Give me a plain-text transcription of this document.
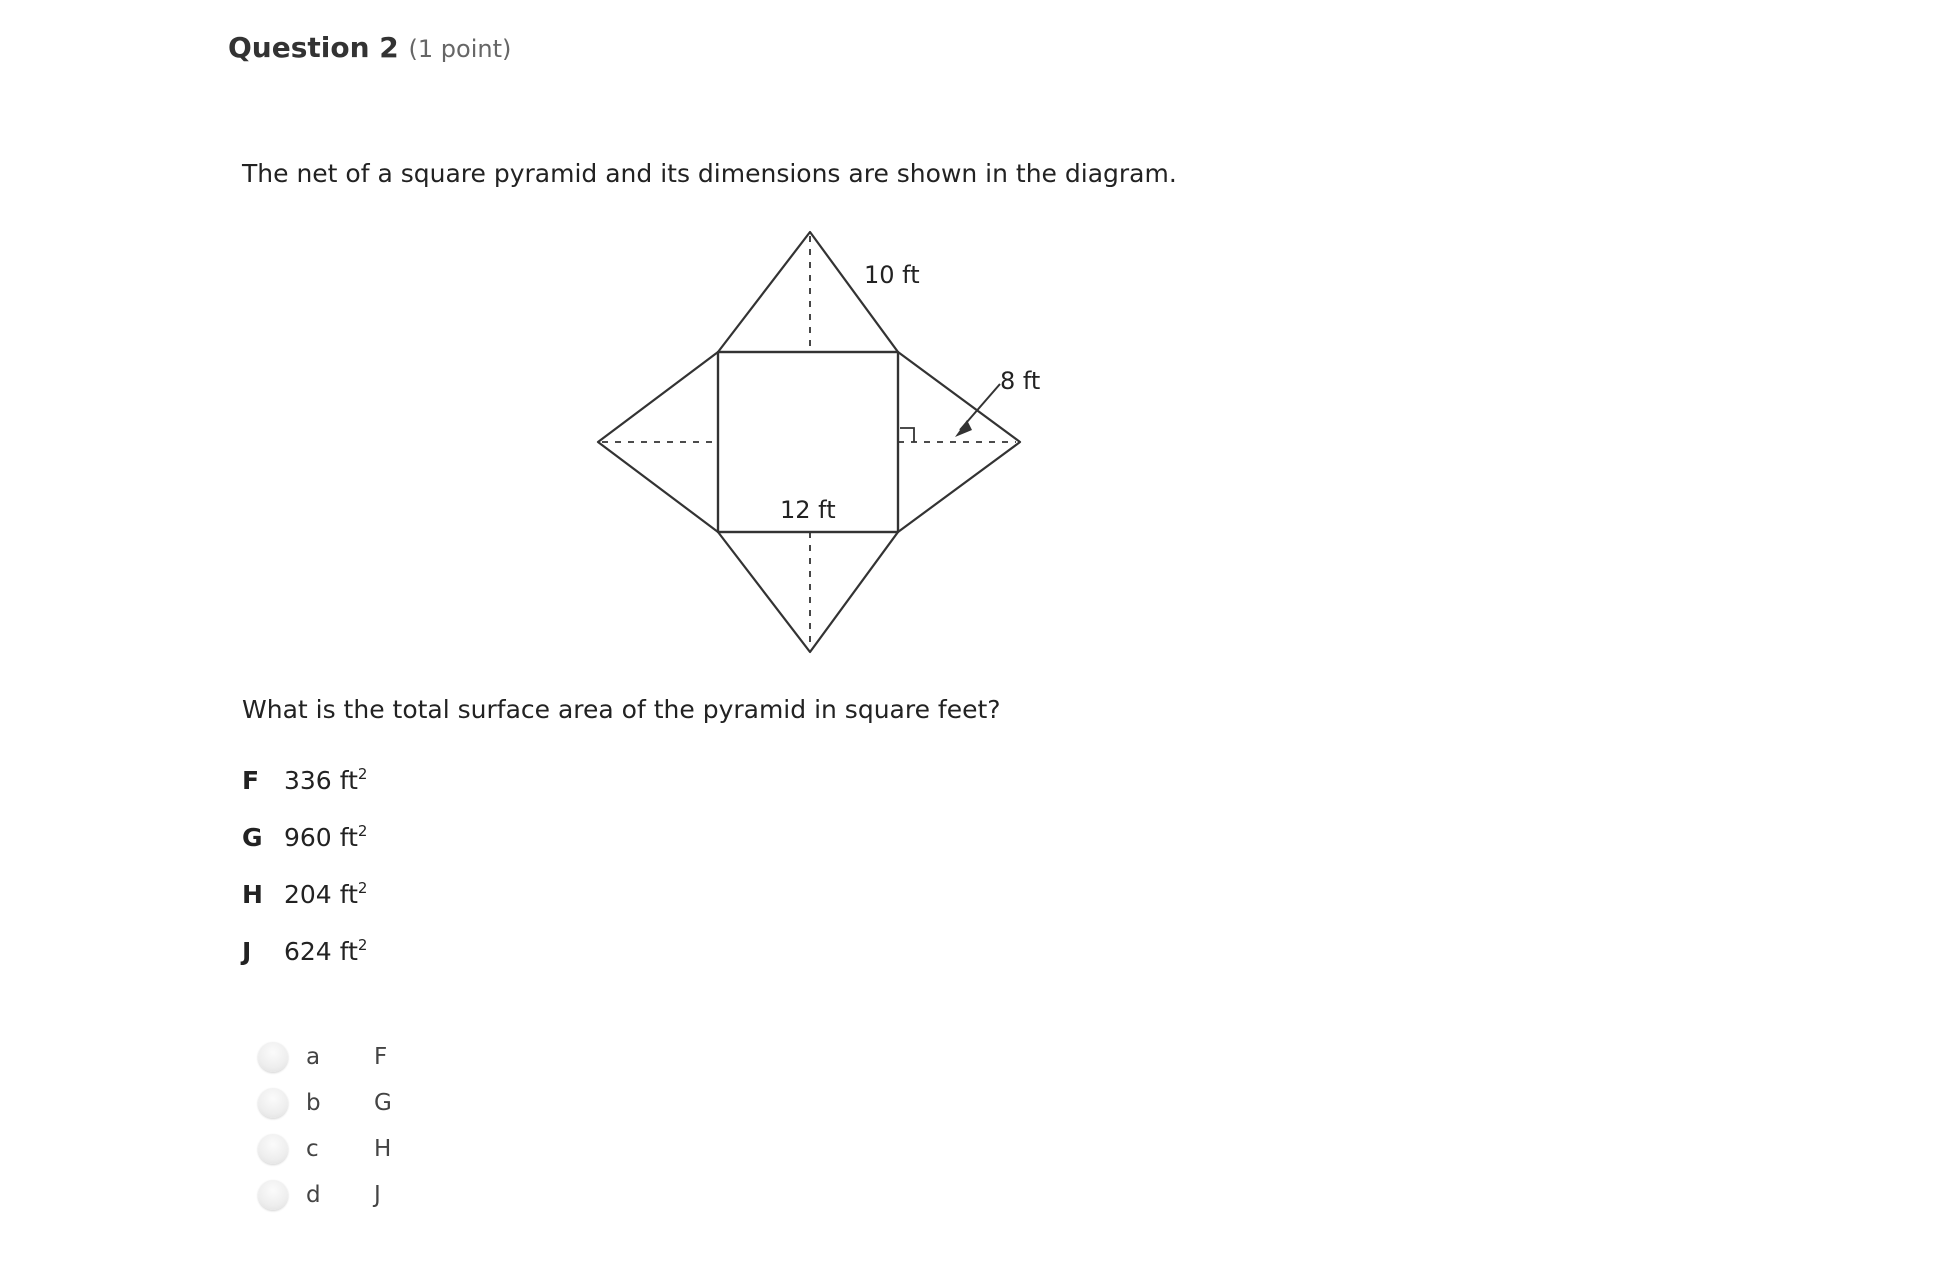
Question 2 (1 point)
The net of a square pyramid and its dimensions are shown in the diagram.
10 ft
8 ft
12 ft
What is the total surface area of the pyramid in square feet?
F 336 $ft^2$
G 960 $ft^2$
H 204 $ft^2$
J	624 $ft^2$
a	F
b	G
c	H
d	J
